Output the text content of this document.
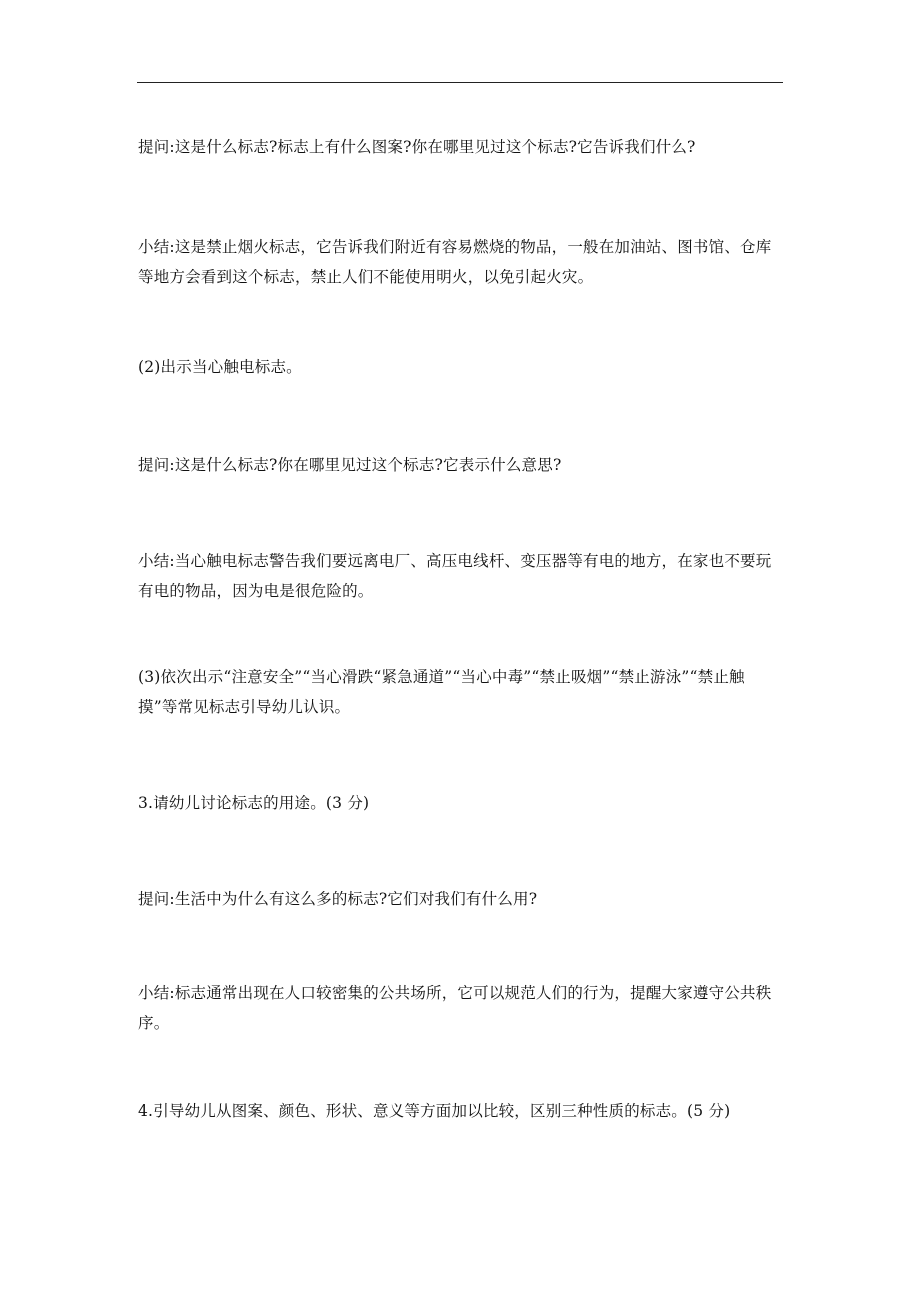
提问:这是什么标志?标志上有什么图案?你在哪里见过这个标志?它告诉我们什么?

小结:这是禁止烟火标志，它告诉我们附近有容易燃烧的物品，一般在加油站、图书馆、仓库等地方会看到这个标志，禁止人们不能使用明火，以免引起火灾。

(2)出示当心触电标志。

提问:这是什么标志?你在哪里见过这个标志?它表示什么意思?

小结:当心触电标志警告我们要远离电厂、高压电线杆、变压器等有电的地方，在家也不要玩有电的物品，因为电是很危险的。

(3)依次出示“注意安全”“当心滑跌“紧急通道”“当心中毒”“禁止吸烟”“禁止游泳”“禁止触摸”等常见标志引导幼儿认识。

3.请幼儿讨论标志的用途。(3 分)

提问:生活中为什么有这么多的标志?它们对我们有什么用?

小结:标志通常出现在人口较密集的公共场所，它可以规范人们的行为，提醒大家遵守公共秩序。

4.引导幼儿从图案、颜色、形状、意义等方面加以比较，区别三种性质的标志。(5 分)
